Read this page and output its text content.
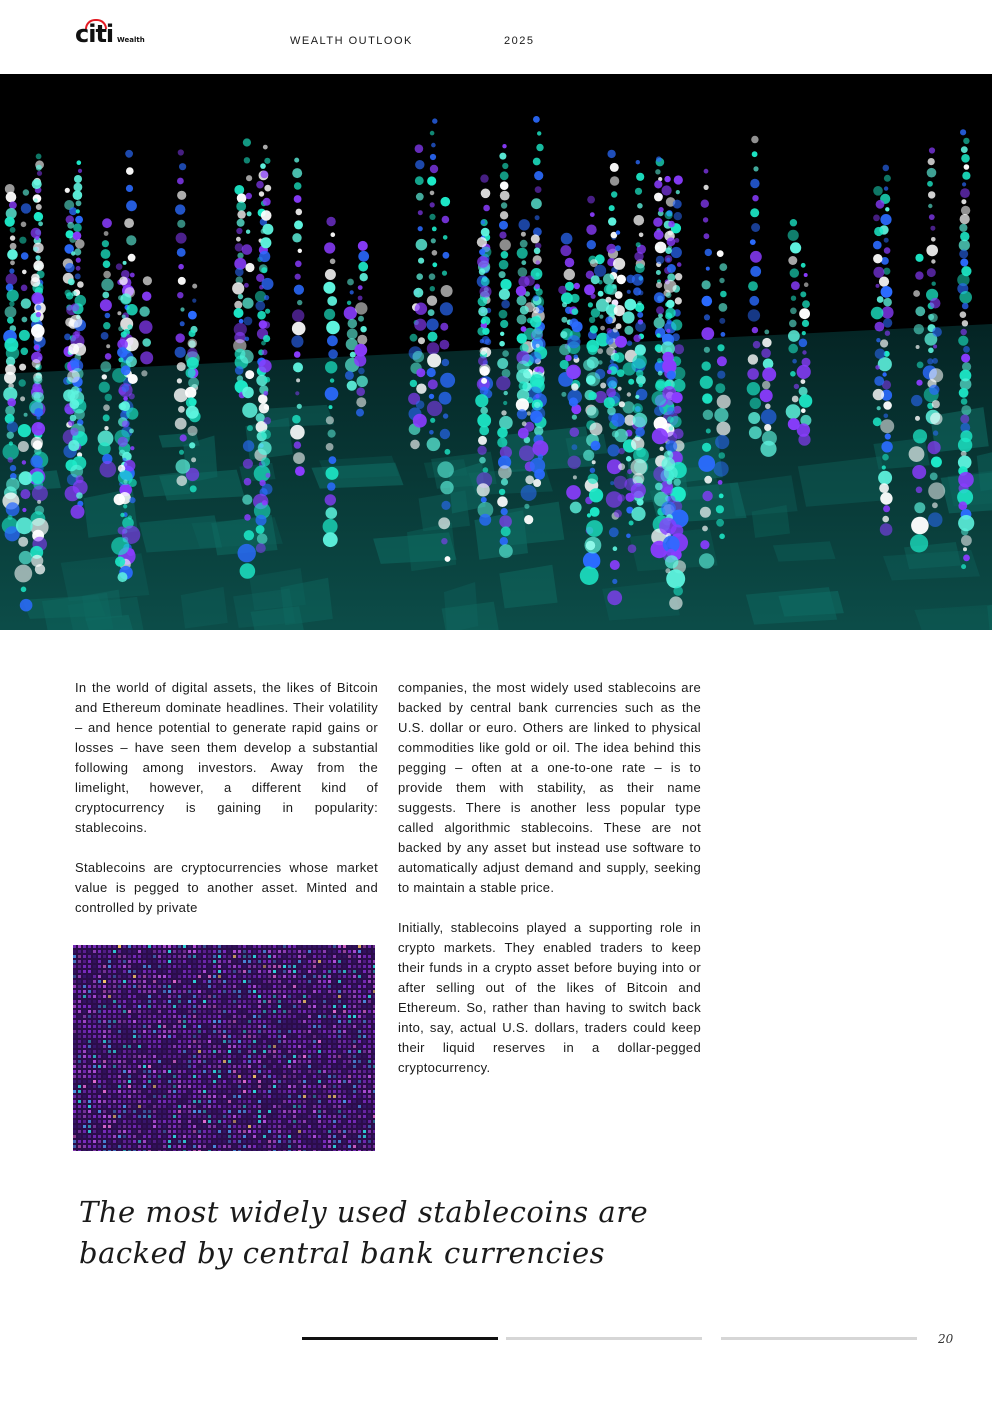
citi Wealth	WEALTH OUTLOOK	2025

In the world of digital assets, the likes of Bitcoin and Ethereum dominate headlines. Their volatility – and hence potential to generate rapid gains or losses – have seen them develop a substantial following among investors. Away from the limelight, however, a different kind of cryptocurrency is gaining in popularity: stablecoins.

Stablecoins are cryptocurrencies whose market value is pegged to another asset. Minted and controlled by private

companies, the most widely used stablecoins are backed by central bank currencies such as the U.S. dollar or euro. Others are linked to physical commodities like gold or oil. The idea behind this pegging – often at a one-to-one rate – is to provide them with stability, as their name suggests. There is another less popular type called algorithmic stablecoins. These are not backed by any asset but instead use software to automatically adjust demand and supply, seeking to maintain a stable price.

Initially, stablecoins played a supporting role in crypto markets. They enabled traders to keep their funds in a crypto asset before buying into or after selling out of the likes of Bitcoin and Ethereum. So, rather than having to switch back into, say, actual U.S. dollars, traders could keep their liquid reserves in a dollar-pegged cryptocurrency.

The most widely used stablecoins are backed by central bank currencies
20
